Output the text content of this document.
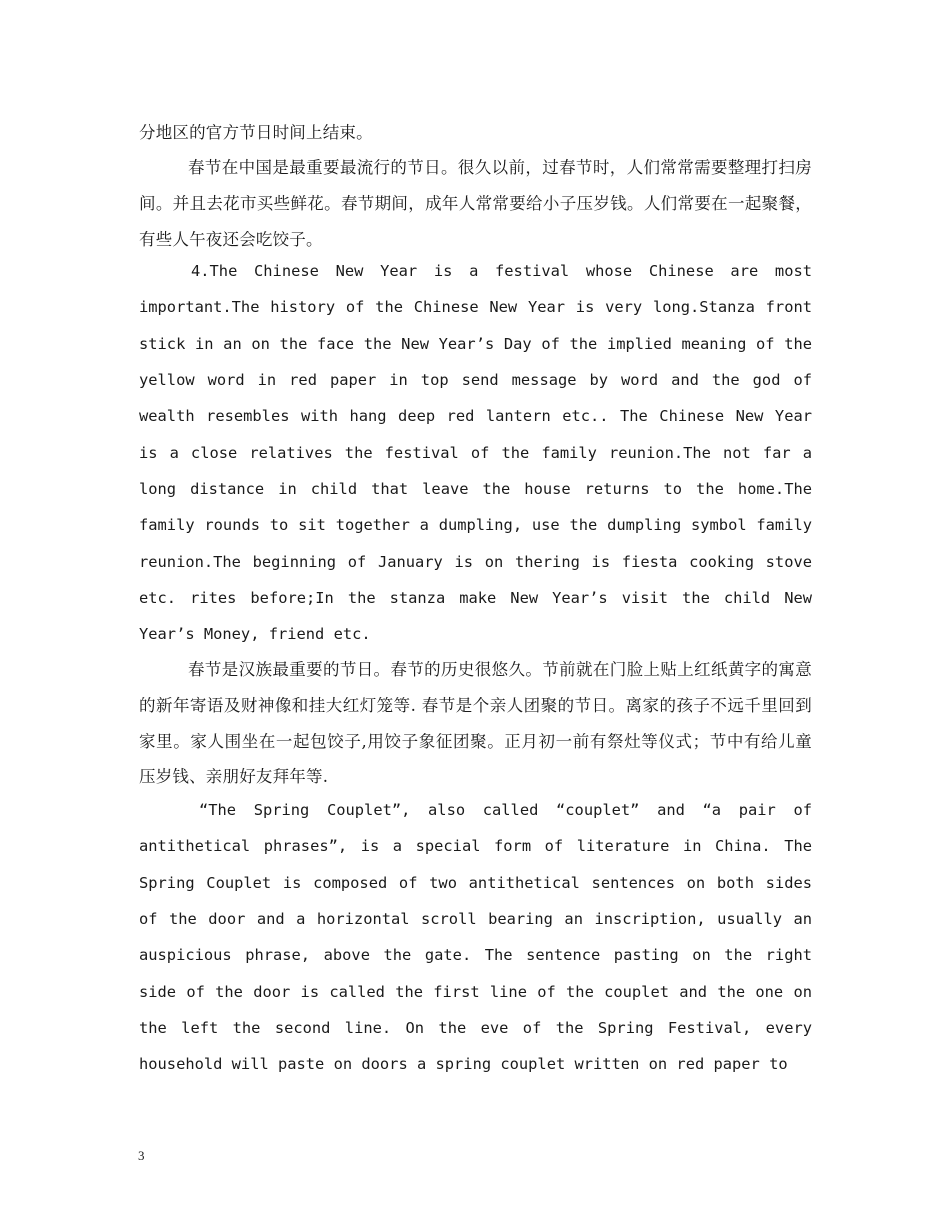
分地区的官方节日时间上结束。

春节在中国是最重要最流行的节日。很久以前，过春节时，人们常常需要整理打扫房间。并且去花市买些鲜花。春节期间，成年人常常要给小子压岁钱。人们常要在一起聚餐，有些人午夜还会吃饺子。

4.The Chinese New Year is a festival whose Chinese are most important.The history of the Chinese New Year is very long.Stanza front stick in an on the face the New Year’s Day of the implied meaning of the yellow word in red paper in top send message by word and the god of wealth resembles with hang deep red lantern etc.. The Chinese New Year is a close relatives the festival of the family reunion.The not far a long distance in child that leave the house returns to the home.The family rounds to sit together a dumpling, use the dumpling symbol family reunion.The beginning of January is on thering is fiesta cooking stove etc. rites before;In the stanza make New Year’s visit the child New Year’s Money, friend etc.

春节是汉族最重要的节日。春节的历史很悠久。节前就在门脸上贴上红纸黄字的寓意的新年寄语及财神像和挂大红灯笼等. 春节是个亲人团聚的节日。离家的孩子不远千里回到家里。家人围坐在一起包饺子,用饺子象征团聚。正月初一前有祭灶等仪式；节中有给儿童压岁钱、亲朋好友拜年等.

“The Spring Couplet”, also called “couplet” and “a pair of antithetical phrases”, is a special form of literature in China. The Spring Couplet is composed of two antithetical sentences on both sides of the door and a horizontal scroll bearing an inscription, usually an auspicious phrase, above the gate. The sentence pasting on the right side of the door is called the first line of the couplet and the one on the left the second line. On the eve of the Spring Festival, every household will paste on doors a spring couplet written on red paper to

3
